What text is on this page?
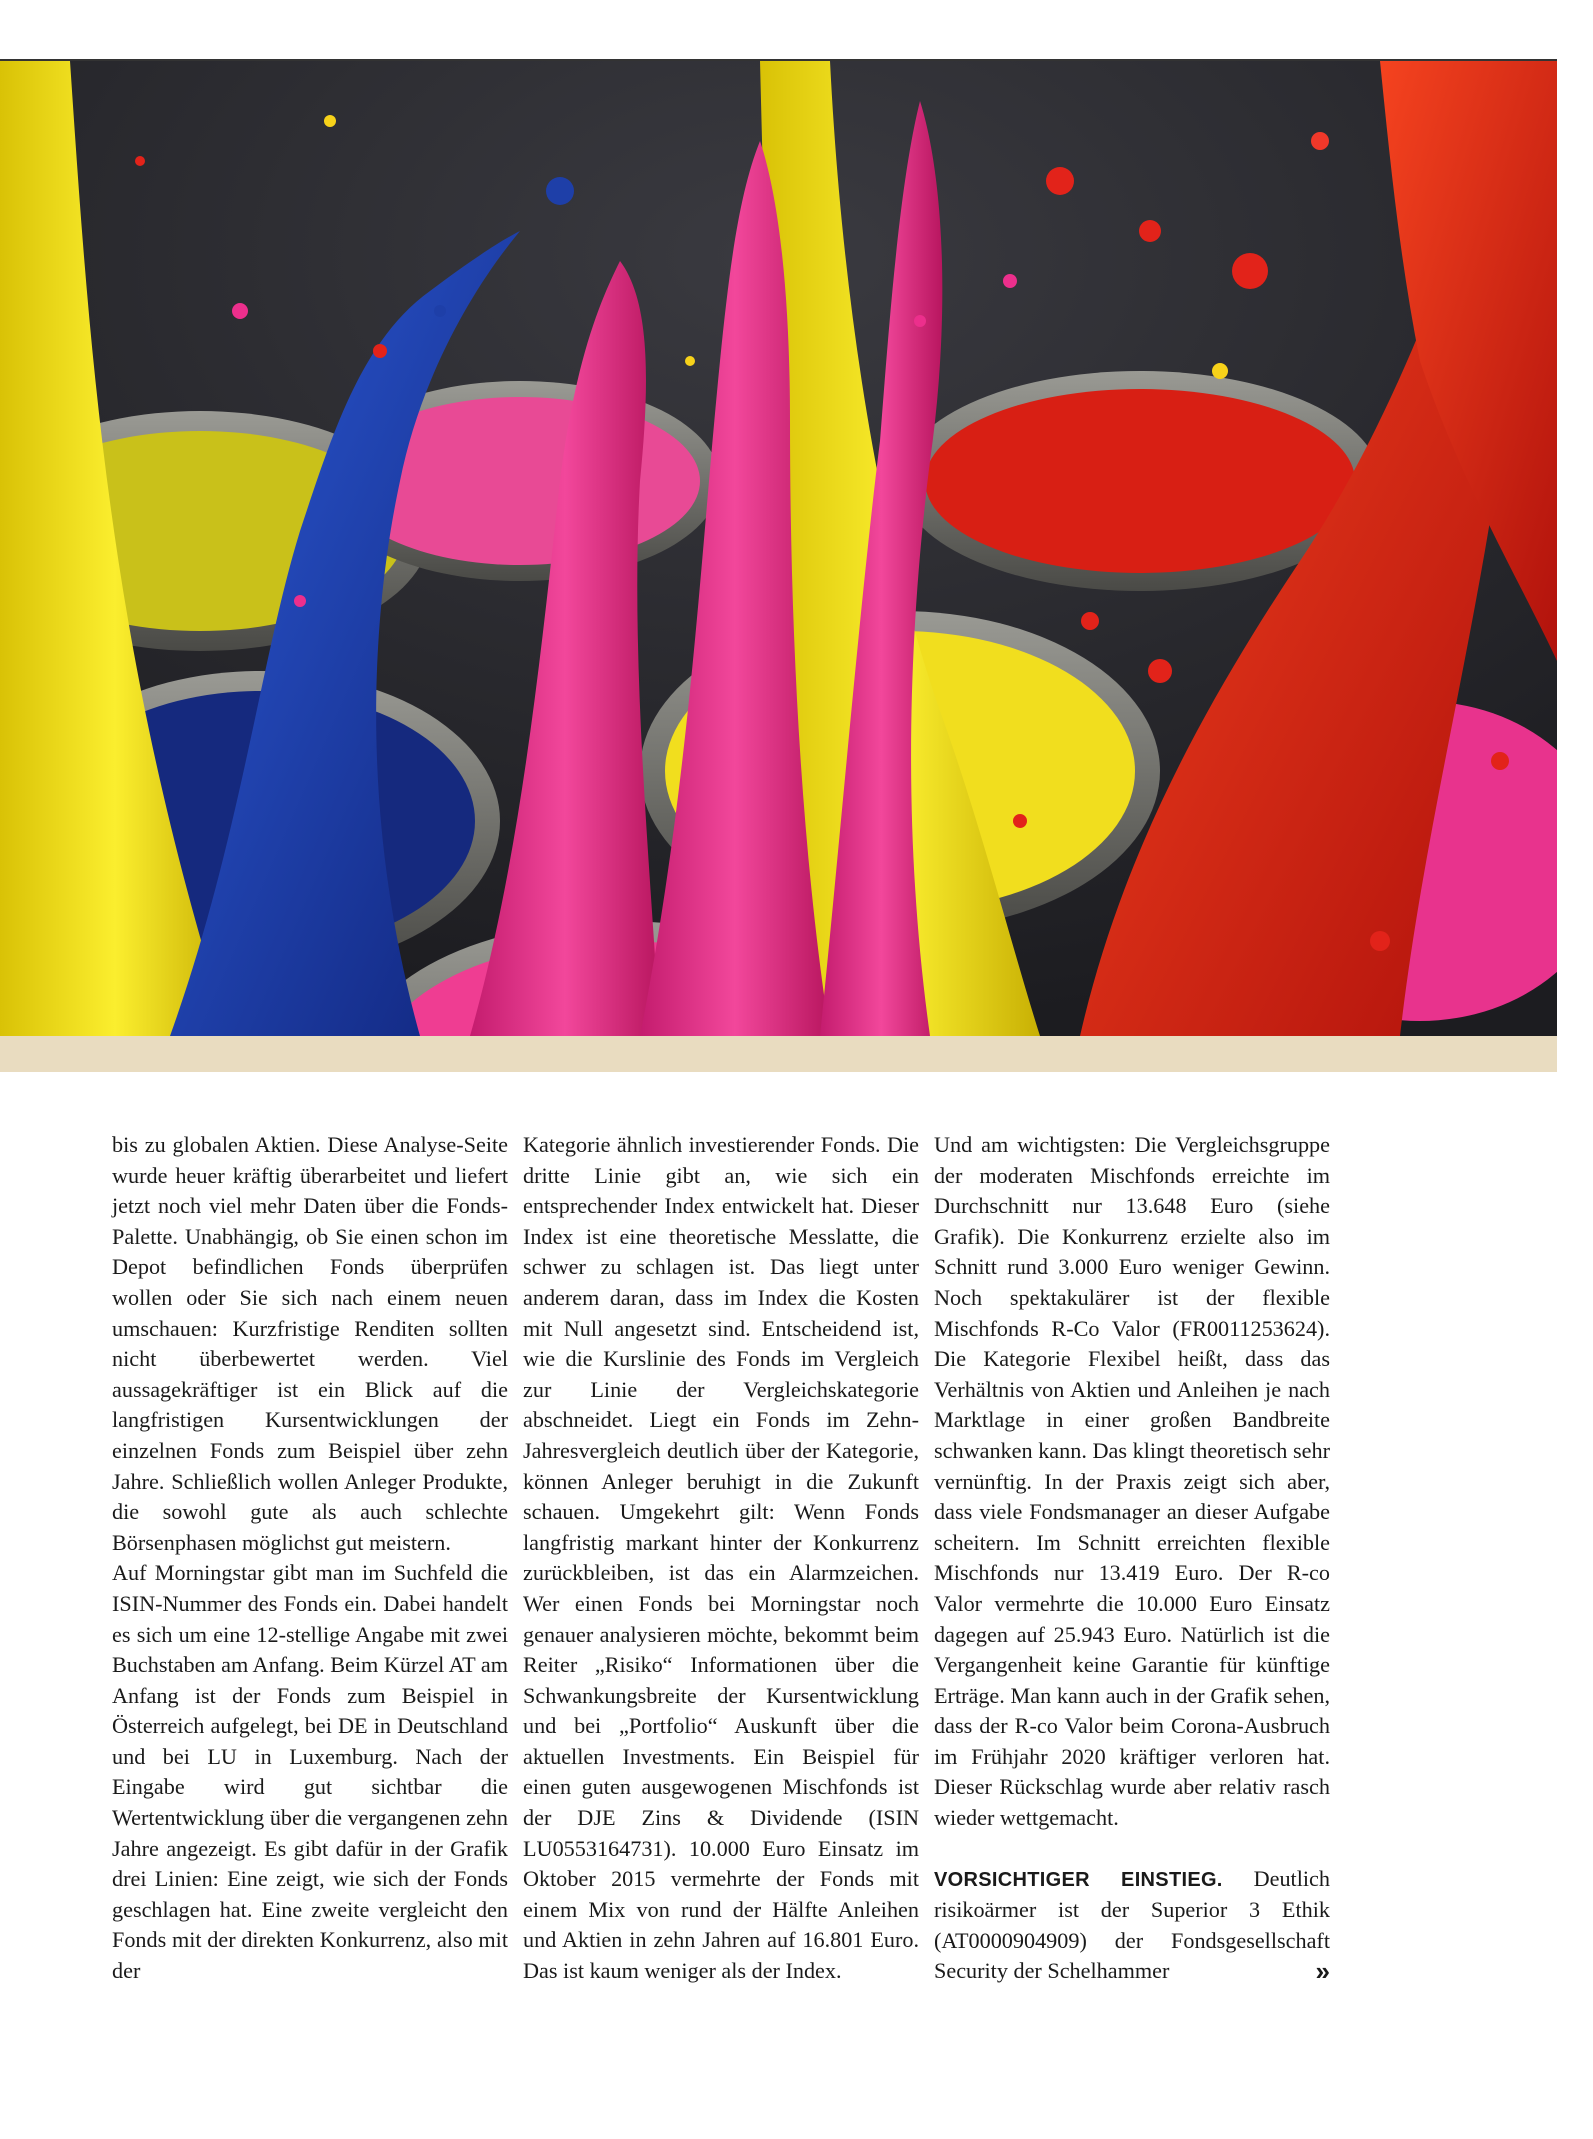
bis zu globalen Aktien. Diese Analyse-Seite wurde heuer kräftig überarbeitet und liefert jetzt noch viel mehr Daten über die Fonds-Palette. Unabhängig, ob Sie einen schon im Depot befindlichen Fonds überprüfen wollen oder Sie sich nach einem neuen umschauen: Kurzfristige Renditen sollten nicht überbewertet werden. Viel aussagekräftiger ist ein Blick auf die langfristigen Kursentwicklungen der einzelnen Fonds zum Beispiel über zehn Jahre. Schließlich wollen Anleger Produkte, die sowohl gute als auch schlechte Börsenphasen möglichst gut meistern.

Auf Morningstar gibt man im Suchfeld die ISIN-Nummer des Fonds ein. Dabei handelt es sich um eine 12-stellige Angabe mit zwei Buchstaben am Anfang. Beim Kürzel AT am Anfang ist der Fonds zum Beispiel in Österreich aufgelegt, bei DE in Deutschland und bei LU in Luxemburg. Nach der Eingabe wird gut sichtbar die Wertentwicklung über die vergangenen zehn Jahre angezeigt. Es gibt dafür in der Grafik drei Linien: Eine zeigt, wie sich der Fonds geschlagen hat. Eine zweite vergleicht den Fonds mit der direkten Konkurrenz, also mit der

Kategorie ähnlich investierender Fonds. Die dritte Linie gibt an, wie sich ein entsprechender Index entwickelt hat. Dieser Index ist eine theoretische Messlatte, die schwer zu schlagen ist. Das liegt unter anderem daran, dass im Index die Kosten mit Null angesetzt sind. Entscheidend ist, wie die Kurslinie des Fonds im Vergleich zur Linie der Vergleichskategorie abschneidet. Liegt ein Fonds im Zehn-Jahresvergleich deutlich über der Kategorie, können Anleger beruhigt in die Zukunft schauen. Umgekehrt gilt: Wenn Fonds langfristig markant hinter der Konkurrenz zurückbleiben, ist das ein Alarmzeichen. Wer einen Fonds bei Morningstar noch genauer analysieren möchte, bekommt beim Reiter „Risiko“ Informationen über die Schwankungsbreite der Kursentwicklung und bei „Portfolio“ Auskunft über die aktuellen Investments. Ein Beispiel für einen guten ausgewogenen Mischfonds ist der DJE Zins & Dividende (ISIN LU0553164731). 10.000 Euro Einsatz im Oktober 2015 vermehrte der Fonds mit einem Mix von rund der Hälfte Anleihen und Aktien in zehn Jahren auf 16.801 Euro. Das ist kaum weniger als der Index.

Und am wichtigsten: Die Vergleichsgruppe der moderaten Mischfonds erreichte im Durchschnitt nur 13.648 Euro (siehe Grafik). Die Konkurrenz erzielte also im Schnitt rund 3.000 Euro weniger Gewinn. Noch spektakulärer ist der flexible Mischfonds R-Co Valor (FR0011253624). Die Kategorie Flexibel heißt, dass das Verhältnis von Aktien und Anleihen je nach Marktlage in einer großen Bandbreite schwanken kann. Das klingt theoretisch sehr vernünftig. In der Praxis zeigt sich aber, dass viele Fondsmanager an dieser Aufgabe scheitern. Im Schnitt erreichten flexible Mischfonds nur 13.419 Euro. Der R-co Valor vermehrte die 10.000 Euro Einsatz dagegen auf 25.943 Euro. Natürlich ist die Vergangenheit keine Garantie für künftige Erträge. Man kann auch in der Grafik sehen, dass der R-co Valor beim Corona-Ausbruch im Frühjahr 2020 kräftiger verloren hat. Dieser Rückschlag wurde aber relativ rasch wieder wettgemacht.

VORSICHTIGER EINSTIEG. Deutlich risikoärmer ist der Superior 3 Ethik (AT0000904909) der Fondsgesellschaft Security der Schelhammer	»
